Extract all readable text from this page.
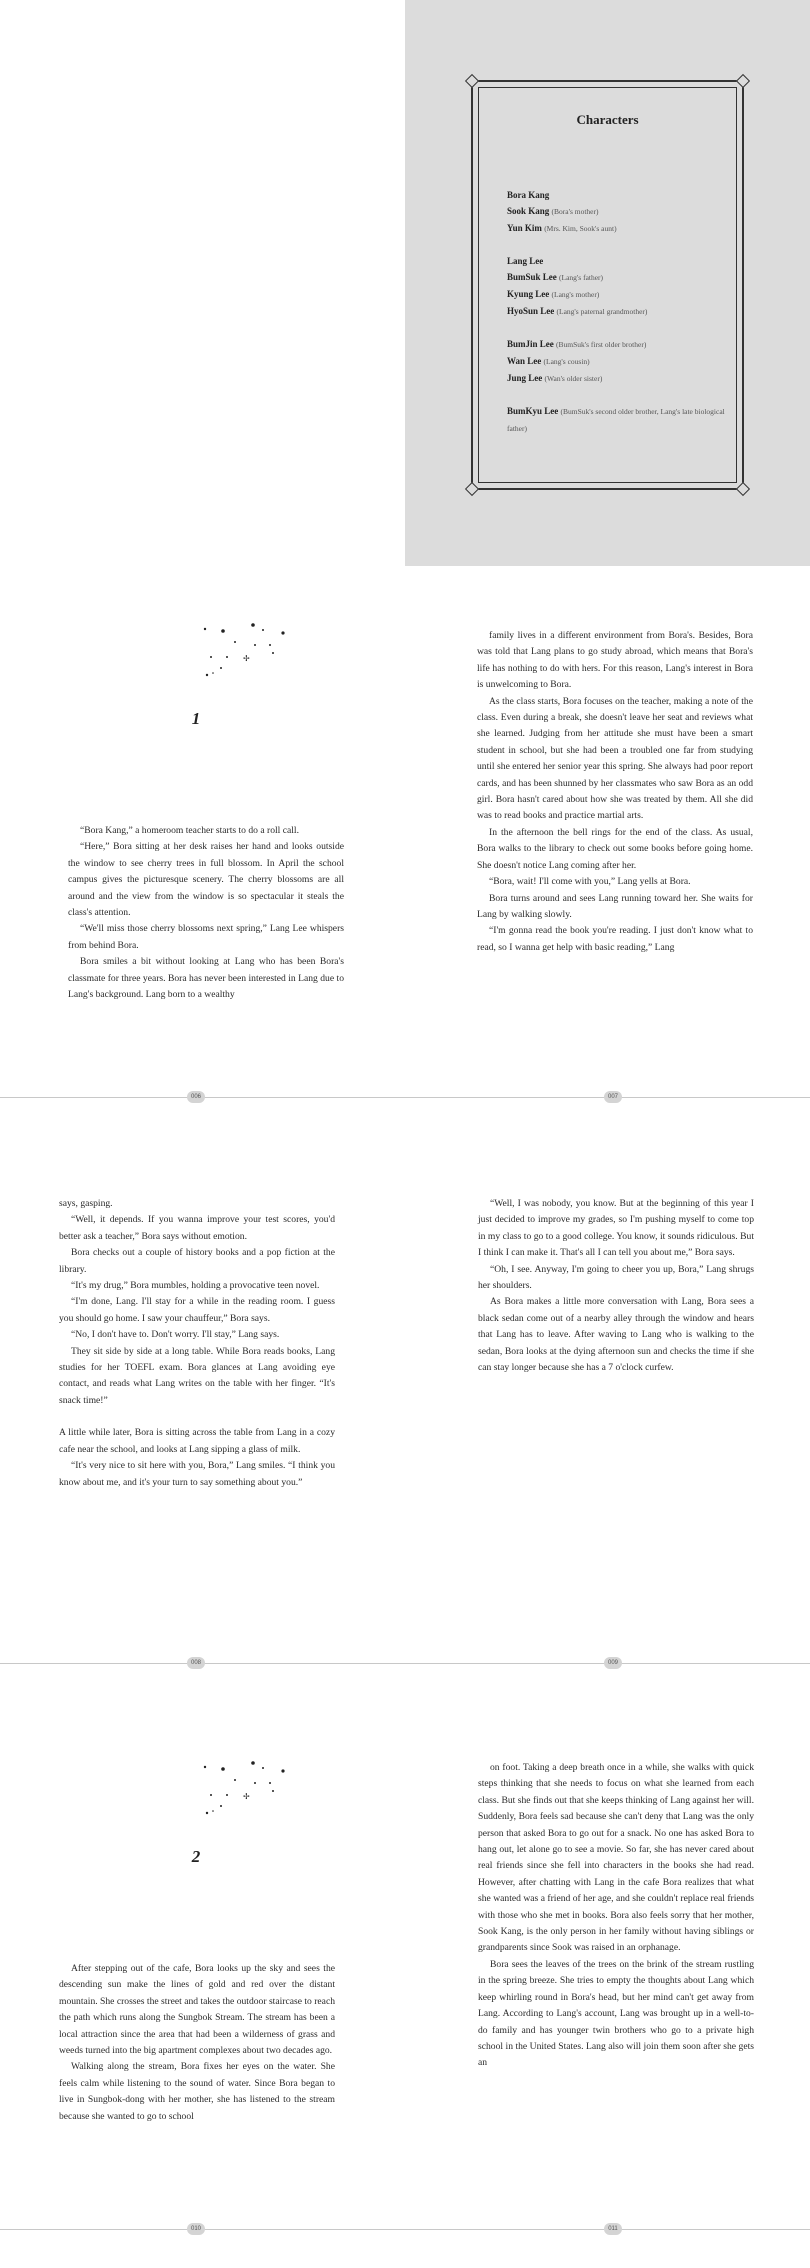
Characters
Bora Kang
Sook Kang (Bora's mother)
Yun Kim (Mrs. Kim, Sook's aunt)
Lang Lee
BumSuk Lee (Lang's father)
Kyung Lee (Lang's mother)
HyoSun Lee (Lang's paternal grandmother)
BumJin Lee (BumSuk's first older brother)
Wan Lee (Lang's cousin)
Jung Lee (Wan's older sister)
BumKyu Lee (BumSuk's second older brother, Lang's late biological father)
✢
1

“Bora Kang,” a homeroom teacher starts to do a roll call.

“Here,” Bora sitting at her desk raises her hand and looks outside the window to see cherry trees in full blossom. In April the school campus gives the picturesque scenery. The cherry blossoms are all around and the view from the window is so spectacular it steals the class's attention.

“We'll miss those cherry blossoms next spring,” Lang Lee whispers from behind Bora.

Bora smiles a bit without looking at Lang who has been Bora's classmate for three years. Bora has never been interested in Lang due to Lang's background. Lang born to a wealthy

family lives in a different environment from Bora's. Besides, Bora was told that Lang plans to go study abroad, which means that Bora's life has nothing to do with hers. For this reason, Lang's interest in Bora is unwelcoming to Bora.

As the class starts, Bora focuses on the teacher, making a note of the class. Even during a break, she doesn't leave her seat and reviews what she learned. Judging from her attitude she must have been a smart student in school, but she had been a troubled one far from studying until she entered her senior year this spring. She always had poor report cards, and has been shunned by her classmates who saw Bora as an odd girl. Bora hasn't cared about how she was treated by them. All she did was to read books and practice martial arts.

In the afternoon the bell rings for the end of the class. As usual, Bora walks to the library to check out some books before going home. She doesn't notice Lang coming after her.

“Bora, wait! I'll come with you,” Lang yells at Bora.

Bora turns around and sees Lang running toward her. She waits for Lang by walking slowly.

“I'm gonna read the book you're reading. I just don't know what to read, so I wanna get help with basic reading,” Lang

006	007

says, gasping.

“Well, it depends. If you wanna improve your test scores, you'd better ask a teacher,” Bora says without emotion.

Bora checks out a couple of history books and a pop fiction at the library.

“It's my drug,” Bora mumbles, holding a provocative teen novel.

“I'm done, Lang. I'll stay for a while in the reading room. I guess you should go home. I saw your chauffeur,” Bora says.

“No, I don't have to. Don't worry. I'll stay,” Lang says.

They sit side by side at a long table. While Bora reads books, Lang studies for her TOEFL exam. Bora glances at Lang avoiding eye contact, and reads what Lang writes on the table with her finger. “It's snack time!”

A little while later, Bora is sitting across the table from Lang in a cozy cafe near the school, and looks at Lang sipping a glass of milk.

“It's very nice to sit here with you, Bora,” Lang smiles. “I think you know about me, and it's your turn to say something about you.”

“Well, I was nobody, you know. But at the beginning of this year I just decided to improve my grades, so I'm pushing myself to come top in my class to go to a good college. You know, it sounds ridiculous. But I think I can make it. That's all I can tell you about me,” Bora says.

“Oh, I see. Anyway, I'm going to cheer you up, Bora,” Lang shrugs her shoulders.

As Bora makes a little more conversation with Lang, Bora sees a black sedan come out of a nearby alley through the window and hears that Lang has to leave. After waving to Lang who is walking to the sedan, Bora looks at the dying afternoon sun and checks the time if she can stay longer because she has a 7 o'clock curfew.

008	009
✢
2

After stepping out of the cafe, Bora looks up the sky and sees the descending sun make the lines of gold and red over the distant mountain. She crosses the street and takes the outdoor staircase to reach the path which runs along the Sungbok Stream. The stream has been a local attraction since the area that had been a wilderness of grass and weeds turned into the big apartment complexes about two decades ago.

Walking along the stream, Bora fixes her eyes on the water. She feels calm while listening to the sound of water. Since Bora began to live in Sungbok-dong with her mother, she has listened to the stream because she wanted to go to school

on foot. Taking a deep breath once in a while, she walks with quick steps thinking that she needs to focus on what she learned from each class. But she finds out that she keeps thinking of Lang against her will. Suddenly, Bora feels sad because she can't deny that Lang was the only person that asked Bora to go out for a snack. No one has asked Bora to hang out, let alone go to see a movie. So far, she has never cared about real friends since she fell into characters in the books she had read. However, after chatting with Lang in the cafe Bora realizes that what she wanted was a friend of her age, and she couldn't replace real friends with those who she met in books. Bora also feels sorry that her mother, Sook Kang, is the only person in her family without having siblings or grandparents since Sook was raised in an orphanage.

Bora sees the leaves of the trees on the brink of the stream rustling in the spring breeze. She tries to empty the thoughts about Lang which keep whirling round in Bora's head, but her mind can't get away from Lang. According to Lang's account, Lang was brought up in a well-to-do family and has younger twin brothers who go to a private high school in the United States. Lang also will join them soon after she gets an

010	011
